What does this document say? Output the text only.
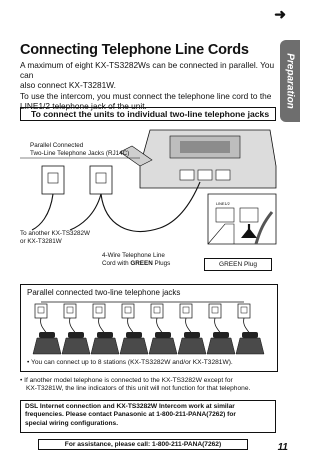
➜
Preparation
Connecting Telephone Line Cords
A maximum of eight KX-TS3282Ws can be connected in parallel. You can
also connect KX-T3281W.
To use the intercom, you must connect the telephone line cord to the
LINE1/2 telephone jack of the unit.
To connect the units to individual two-line telephone jacks
LINE1/2
Parallel Connected
Two-Line Telephone Jacks (RJ14C)
To another KX-TS3282W
or KX-T3281W
4-Wire Telephone Line
Cord with GREEN Plugs	GREEN Plug
Parallel connected two-line telephone jacks
• You can connect up to 8 stations (KX-TS3282W and/or KX-T3281W).
• If another model telephone is connected to the KX-TS3282W except for
KX-T3281W, the line indicators of this unit will not function for that telephone.
DSL Internet connection and KX-TS3282W Intercom work at similar
frequencies. Please contact Panasonic at 1-800-211-PANA(7262) for
special wiring configurations.
For assistance, please call: 1-800-211-PANA(7262)	11
